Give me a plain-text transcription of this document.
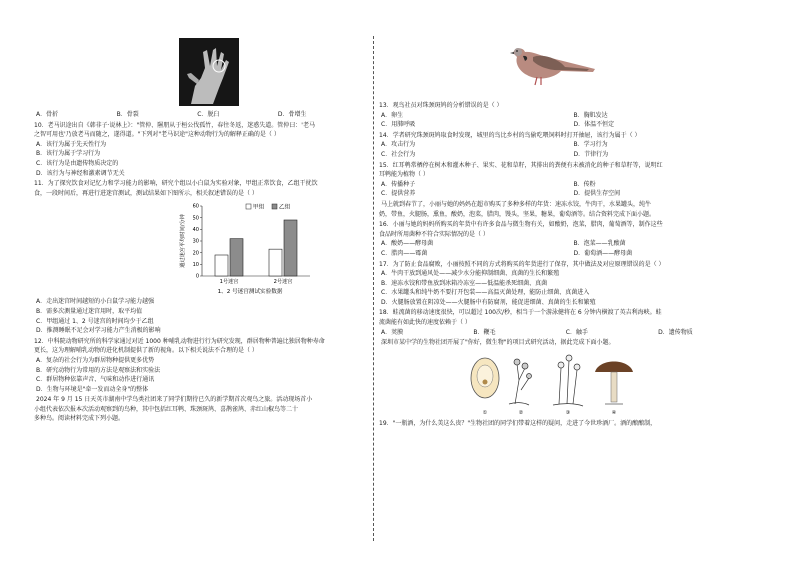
A．骨折	B．骨裂	C．脱臼	D．骨增生

10．老马识途出自《韩非子·说林上》："管仲、隰朋从于桓公伐孤竹，春往冬返，迷惑失道。管仲曰：'老马

之智可用也'乃放老马而随之，遂得道。"下列对"老马识途"这种动物行为的解释正确的是（ ）

A．该行为属于先天性行为

B．该行为属于学习行为

C．该行为是由遗传物质决定的

D．该行为与神经和激素调节无关

11．为了探究饮食对记忆力和学习能力的影响，研究个组以小白鼠为实验对象，甲组正常饮食，乙组干扰饮

食，一段时间后，再进行进迷宫测试，测试结果如下图所示，相关叙述错误的是（ ）

0
10
20
30
40
50
60
通过迷宫平均时间/分钟
1号迷宫	2号迷宫
甲组	乙组
1、2 号迷宫测试实验数据

A．走出迷宫时间越短的小白鼠学习能力越强

B．需多次测量通过迷宫用时，取平均值

C．甲组通过 1、2 号迷宫的时间均少于乙组

D．推测睡眠不足会对学习能力产生消极的影响

12．中科院动物研究所的科学家通过对近 1000 种哺乳动物进行行为研究发现，群居物种普遍比独居物种寿命

更长，这为理解哺乳动物的进化机制提供了新的视角。以下相关说法不合理的是（ ）

A．复杂的社会行为为群居物种提供更多优势

B．研究动物行为常用的方法是观察法和实验法

C．群居物种依靠声音、气味和动作进行通讯

D．生物与环境是"牵一发而动全身"的整体

2024 年 9 月 15 日天英市湖南中学鸟类社团来了同学们期待已久的新学期首次观鸟之旅。活动现场首小

小组代表依次报本次活动观察到的鸟种，其中包括红耳鹎、珠颈斑鸠、喜鹊雀鸠、赤红山椒鸟等二十

多种鸟。阅读材料完成下列小题。

13．观鸟社员对珠颈斑鸠的分析错误的是（ ）

A．卵生	B．胸肌发达
C．用肺呼吸	D．体温不恒定

14．学者研究珠颈斑鸠取食时发现，城里的鸟比乡村的鸟偷吃喂饲料时打开抽屉，该行为属于（ ）

A．攻击行为	B．学习行为
C．社会行为	D．节律行为

15．红耳鹎常栖停在树木和灌木种子、果实、花和草籽，其排出的粪便有未被消化的种子和草籽等，说明红

耳鹎能为植物（ ）

A．传播种子	B．传粉
C．提供营养	D．提供生存空间

马上就到春节了，小丽与她的妈妈在超市购买了多种多样的年货：速冻水饺，牛肉干，水果罐头，纯牛

奶，带鱼，火腿肠，熏鱼，酸奶，泡菜，腊肉，馒头，坚果，糖果，葡萄酒等。结合资料完成下面小题。

16．小丽与她的妈妈所购买的年货中有许多食品与微生物有关，如酸奶，泡菜，腊肉，葡萄酒等，制作这些

食品时所用菌种不符合实际情况的是（ ）

A．酸奶——酵母菌	B．泡菜——乳酸菌
C．腊肉——霉菌	D．葡萄酒——酵母菌

17．为了防止食品腐败，小丽按照不同的方式将购买的年货进行了保存，其中做法及对应原理错误的是（ ）

A．牛肉干放到通风处——减少水分能抑制细菌、真菌的生长和繁殖

B．速冻水饺和带鱼放到冰箱冷冻室——低温能杀死细菌、真菌

C．水果罐头和纯牛奶不要打开包装——高温灭菌处理，能防止细菌、真菌进入

D．火腿肠放置在阴凉处——火腿肠中有防腐剂，能促进细菌、真菌的生长和繁殖

18．蛙流菌的移动速度很快，可以超过 100次/秒，相当于一个游泳健将在 6 分钟内横渡了英吉利海峡。蛙

流菌能有如此快的速度依赖于（ ）

A．荚膜	B．鞭毛	C．触手	D．遗传物质

深圳市某中学的生物社团开展了"你好，微生物"的项目式研究活动，据此完成下面小题。

①	②	③	④

19．"一瓶酒，为什么美这么贵？"生物社团的同学们带着这样的疑问，走进了今世珍酒厂。酒的酿酿制，
